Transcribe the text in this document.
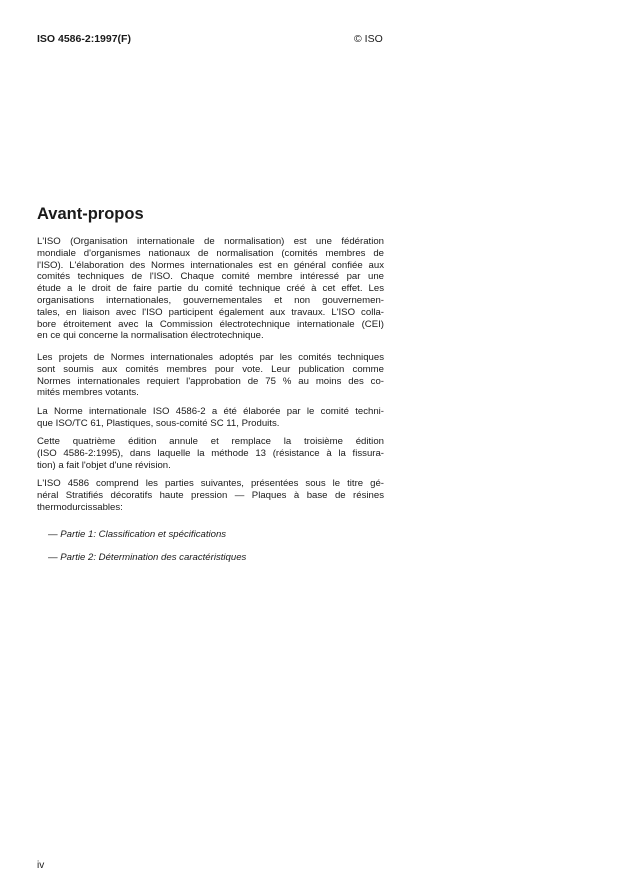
ISO 4586-2:1997(F)	© ISO
Avant-propos
L'ISO (Organisation internationale de normalisation) est une fédération
mondiale d'organismes nationaux de normalisation (comités membres de
l'ISO). L'élaboration des Normes internationales est en général confiée aux
comités techniques de l'ISO. Chaque comité membre intéressé par une
étude a le droit de faire partie du comité technique créé à cet effet. Les
organisations internationales, gouvernementales et non gouvernemen-
tales, en liaison avec l'ISO participent également aux travaux. L'ISO colla-
bore étroitement avec la Commission électrotechnique internationale (CEI)
en ce qui concerne la normalisation électrotechnique.
Les projets de Normes internationales adoptés par les comités techniques
sont soumis aux comités membres pour vote. Leur publication comme
Normes internationales requiert l'approbation de 75 % au moins des co-
mités membres votants.
La Norme internationale ISO 4586-2 a été élaborée par le comité techni-
que ISO/TC 61, Plastiques, sous-comité SC 11, Produits.
Cette quatrième édition annule et remplace la troisième édition
(ISO 4586-2:1995), dans laquelle la méthode 13 (résistance à la fissura-
tion) a fait l'objet d'une révision.
L'ISO 4586 comprend les parties suivantes, présentées sous le titre gé-
néral Stratifiés décoratifs haute pression — Plaques à base de résines
thermodurcissables:
— Partie 1: Classification et spécifications
— Partie 2: Détermination des caractéristiques
iv
